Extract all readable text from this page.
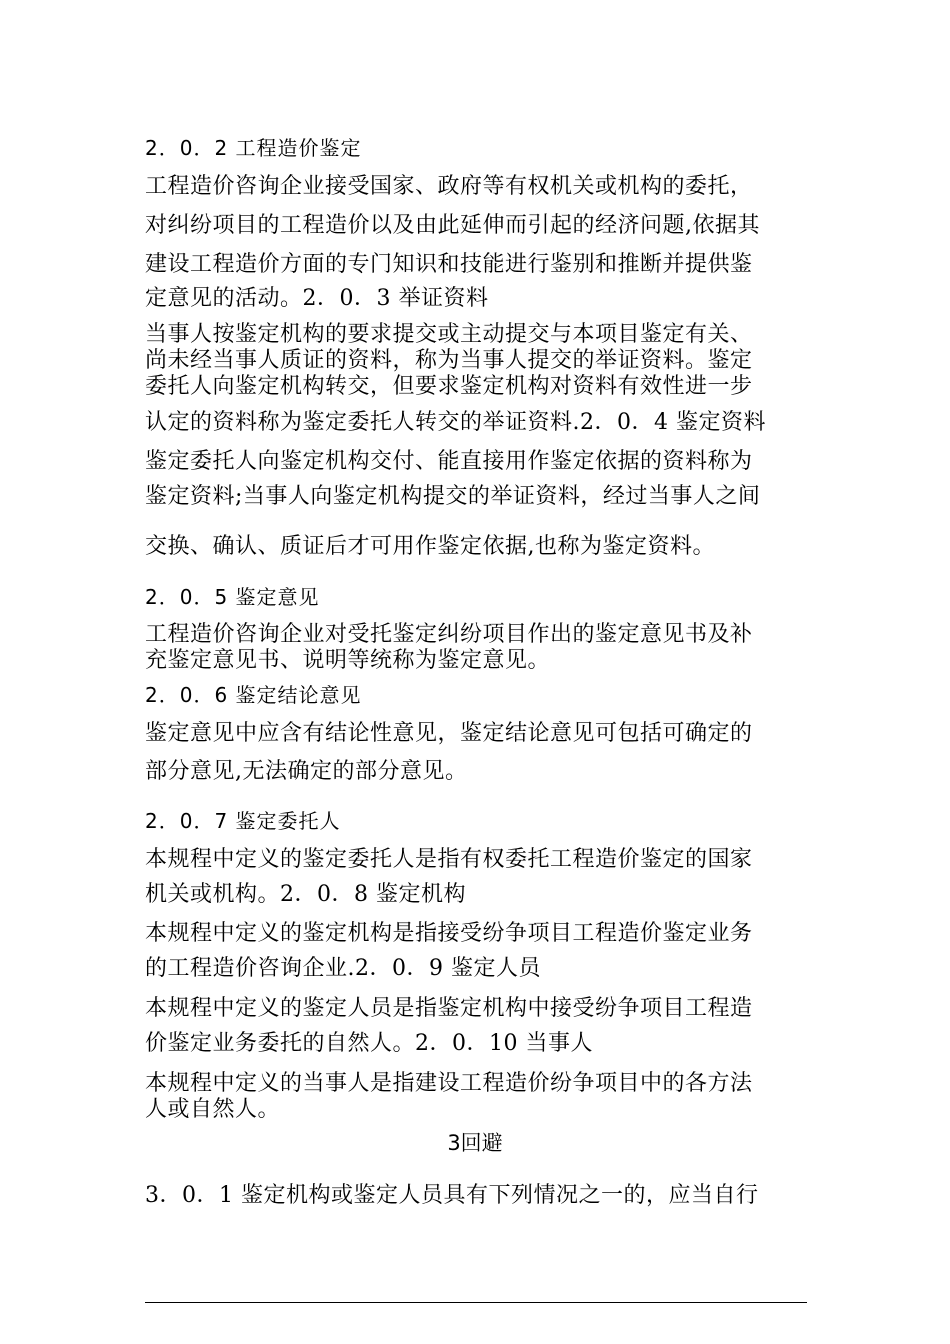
2．0．2 工程造价鉴定
工程造价咨询企业接受国家、政府等有权机关或机构的委托，
对纠纷项目的工程造价以及由此延伸而引起的经济问题,依据其
建设工程造价方面的专门知识和技能进行鉴别和推断并提供鉴
定意见的活动。2．0．3 举证资料
当事人按鉴定机构的要求提交或主动提交与本项目鉴定有关、
尚未经当事人质证的资料，称为当事人提交的举证资料。鉴定
委托人向鉴定机构转交，但要求鉴定机构对资料有效性进一步
认定的资料称为鉴定委托人转交的举证资料.2．0．4 鉴定资料
鉴定委托人向鉴定机构交付、能直接用作鉴定依据的资料称为
鉴定资料;当事人向鉴定机构提交的举证资料，经过当事人之间
交换、确认、质证后才可用作鉴定依据,也称为鉴定资料。
2．0．5 鉴定意见
工程造价咨询企业对受托鉴定纠纷项目作出的鉴定意见书及补
充鉴定意见书、说明等统称为鉴定意见。
2．0．6 鉴定结论意见
鉴定意见中应含有结论性意见，鉴定结论意见可包括可确定的
部分意见,无法确定的部分意见。
2．0．7 鉴定委托人
本规程中定义的鉴定委托人是指有权委托工程造价鉴定的国家
机关或机构。2．0．8 鉴定机构
本规程中定义的鉴定机构是指接受纷争项目工程造价鉴定业务
的工程造价咨询企业.2．0．9 鉴定人员
本规程中定义的鉴定人员是指鉴定机构中接受纷争项目工程造
价鉴定业务委托的自然人。2．0．10 当事人
本规程中定义的当事人是指建设工程造价纷争项目中的各方法
人或自然人。
3回避
3．0．1 鉴定机构或鉴定人员具有下列情况之一的，应当自行
